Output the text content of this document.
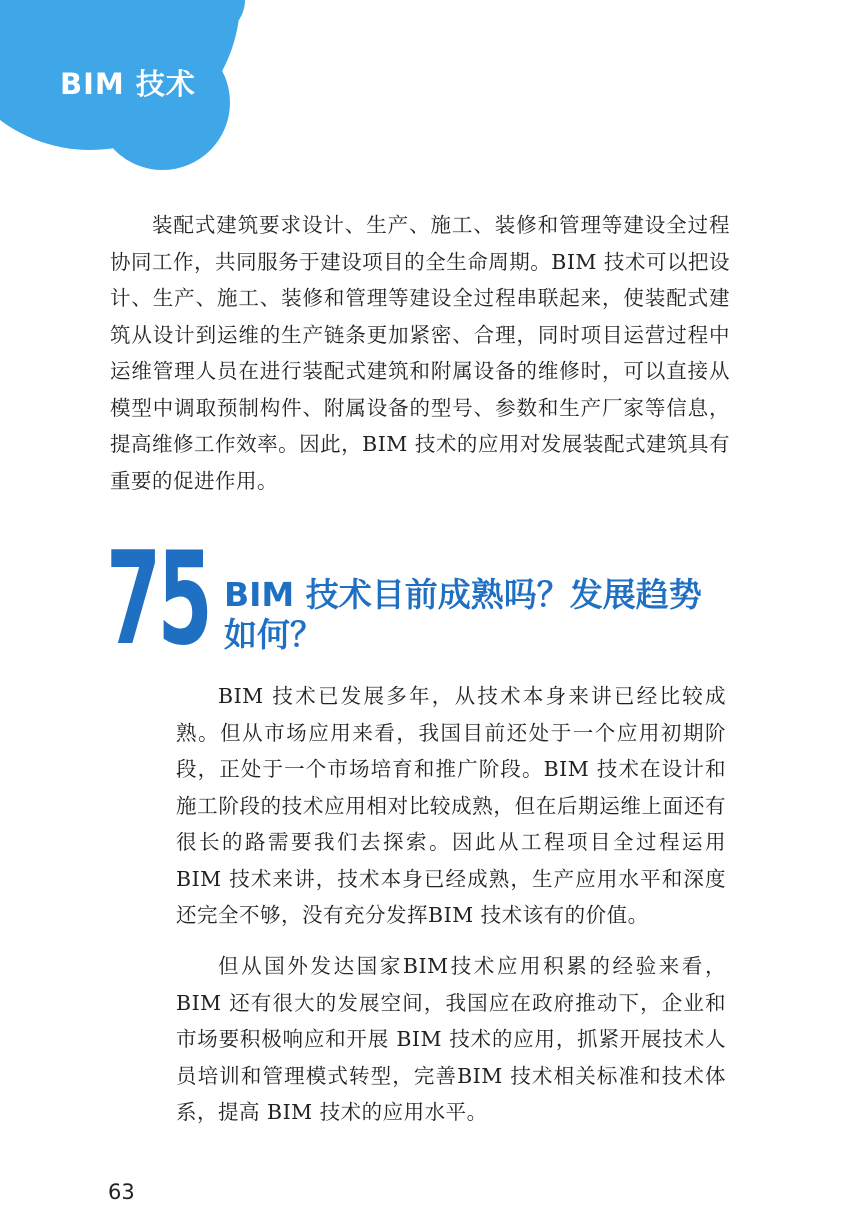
BIM 技术

装配式建筑要求设计、生产、施工、装修和管理等建设全过程协同工作，共同服务于建设项目的全生命周期。BIM 技术可以把设计、生产、施工、装修和管理等建设全过程串联起来，使装配式建筑从设计到运维的生产链条更加紧密、合理，同时项目运营过程中运维管理人员在进行装配式建筑和附属设备的维修时，可以直接从模型中调取预制构件、附属设备的型号、参数和生产厂家等信息，提高维修工作效率。因此，BIM 技术的应用对发展装配式建筑具有重要的促进作用。

75 BIM 技术目前成熟吗？发展趋势如何？

BIM 技术已发展多年，从技术本身来讲已经比较成熟。但从市场应用来看，我国目前还处于一个应用初期阶段，正处于一个市场培育和推广阶段。BIM 技术在设计和施工阶段的技术应用相对比较成熟，但在后期运维上面还有很长的路需要我们去探索。因此从工程项目全过程运用 BIM 技术来讲，技术本身已经成熟，生产应用水平和深度还完全不够，没有充分发挥BIM 技术该有的价值。

但从国外发达国家BIM技术应用积累的经验来看，BIM 还有很大的发展空间，我国应在政府推动下，企业和市场要积极响应和开展 BIM 技术的应用，抓紧开展技术人员培训和管理模式转型，完善BIM 技术相关标准和技术体系，提高 BIM 技术的应用水平。

63
